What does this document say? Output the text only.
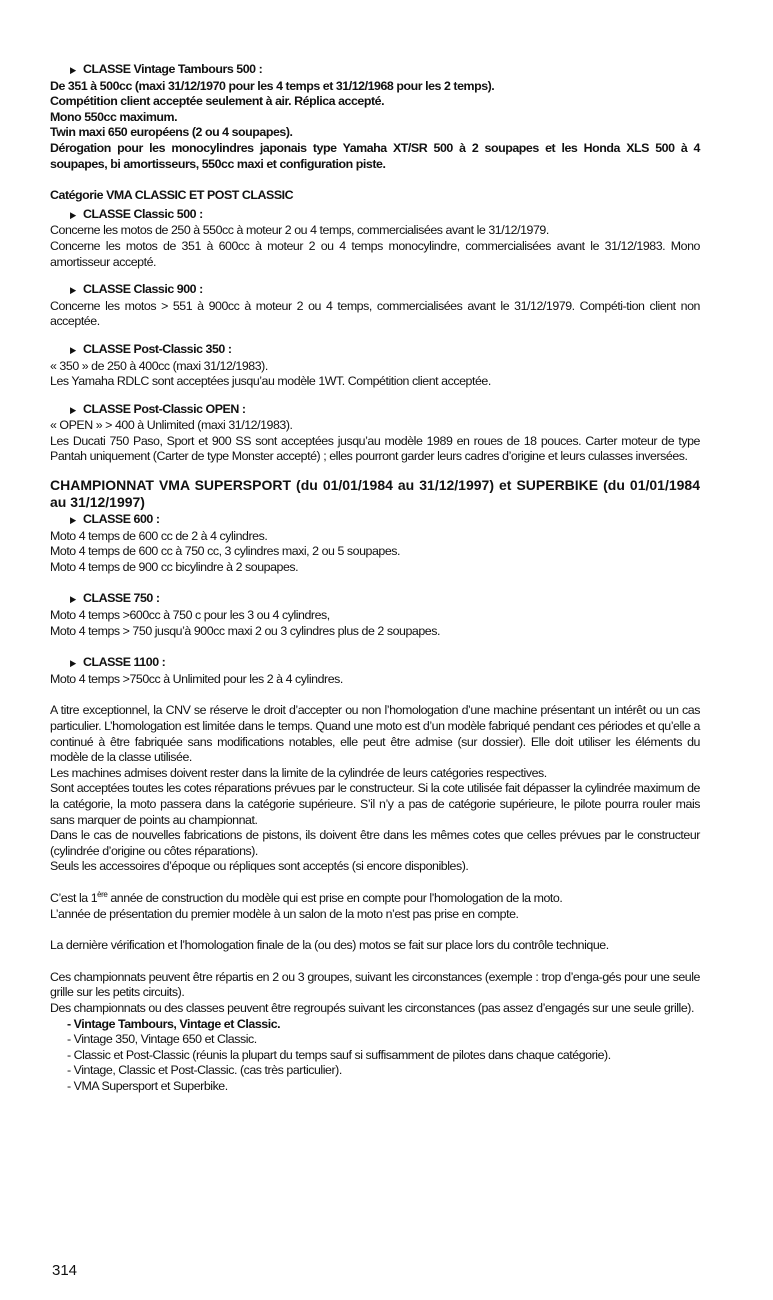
▶ CLASSE Vintage Tambours 500 :

De 351 à 500cc (maxi 31/12/1970 pour les 4 temps et 31/12/1968 pour les 2 temps).

Compétition client acceptée seulement à air. Réplica accepté.

Mono 550cc maximum.

Twin maxi 650 européens (2 ou 4 soupapes).

Dérogation pour les monocylindres japonais type Yamaha XT/SR 500 à 2 soupapes et les Honda XLS 500 à 4 soupapes, bi amortisseurs, 550cc maxi et configuration piste.

Catégorie VMA CLASSIC ET POST CLASSIC

▶ CLASSE Classic 500 :

Concerne les motos de 250 à 550cc à moteur 2 ou 4 temps, commercialisées avant le 31/12/1979.

Concerne les motos de 351 à 600cc à moteur 2 ou 4 temps monocylindre, commercialisées avant le 31/12/1983. Mono amortisseur accepté.

▶ CLASSE Classic 900 :

Concerne les motos > 551 à 900cc à moteur 2 ou 4 temps, commercialisées avant le 31/12/1979. Compéti-tion client non acceptée.

▶ CLASSE Post-Classic 350 :

« 350 » de 250 à 400cc (maxi 31/12/1983).

Les Yamaha RDLC sont acceptées jusqu’au modèle 1WT. Compétition client acceptée.

▶ CLASSE Post-Classic OPEN :

« OPEN » > 400 à Unlimited (maxi 31/12/1983).

Les Ducati 750 Paso, Sport et 900 SS sont acceptées jusqu’au modèle 1989 en roues de 18 pouces. Carter moteur de type Pantah uniquement (Carter de type Monster accepté) ; elles pourront garder leurs cadres d’origine et leurs culasses inversées.

CHAMPIONNAT VMA SUPERSPORT (du 01/01/1984 au 31/12/1997) et SUPERBIKE (du 01/01/1984 au 31/12/1997)

▶ CLASSE 600 :

Moto 4 temps de 600 cc de 2 à 4 cylindres.

Moto 4 temps de 600 cc à 750 cc, 3 cylindres maxi, 2 ou 5 soupapes.

Moto 4 temps de 900 cc bicylindre à 2 soupapes.

▶ CLASSE 750 :

Moto 4 temps >600cc à 750 c pour les 3 ou 4 cylindres,

Moto 4 temps > 750 jusqu’à 900cc maxi 2 ou 3 cylindres plus de 2 soupapes.

▶ CLASSE 1100 :

Moto 4 temps >750cc à Unlimited pour les 2 à 4 cylindres.

A titre exceptionnel, la CNV se réserve le droit d’accepter ou non l’homologation d’une machine présentant un intérêt ou un cas particulier. L’homologation est limitée dans le temps. Quand une moto est d’un modèle fabriqué pendant ces périodes et qu’elle a continué à être fabriquée sans modifications notables, elle peut être admise (sur dossier). Elle doit utiliser les éléments du modèle de la classe utilisée.

Les machines admises doivent rester dans la limite de la cylindrée de leurs catégories respectives.

Sont acceptées toutes les cotes réparations prévues par le constructeur. Si la cote utilisée fait dépasser la cylindrée maximum de la catégorie, la moto passera dans la catégorie supérieure. S’il n’y a pas de catégorie supérieure, le pilote pourra rouler mais sans marquer de points au championnat.

Dans le cas de nouvelles fabrications de pistons, ils doivent être dans les mêmes cotes que celles prévues par le constructeur (cylindrée d’origine ou côtes réparations).

Seuls les accessoires d’époque ou répliques sont acceptés (si encore disponibles).

C’est la 1ère année de construction du modèle qui est prise en compte pour l’homologation de la moto.

L’année de présentation du premier modèle à un salon de la moto n’est pas prise en compte.

La dernière vérification et l’homologation finale de la (ou des) motos se fait sur place lors du contrôle technique.

Ces championnats peuvent être répartis en 2 ou 3 groupes, suivant les circonstances (exemple : trop d’enga-gés pour une seule grille sur les petits circuits).

Des championnats ou des classes peuvent être regroupés suivant les circonstances (pas assez d’engagés sur une seule grille).

- Vintage Tambours, Vintage et Classic.

- Vintage 350, Vintage 650 et Classic.

- Classic et Post-Classic (réunis la plupart du temps sauf si suffisamment de pilotes dans chaque catégorie).

- Vintage, Classic et Post-Classic. (cas très particulier).

- VMA Supersport et Superbike.

314
